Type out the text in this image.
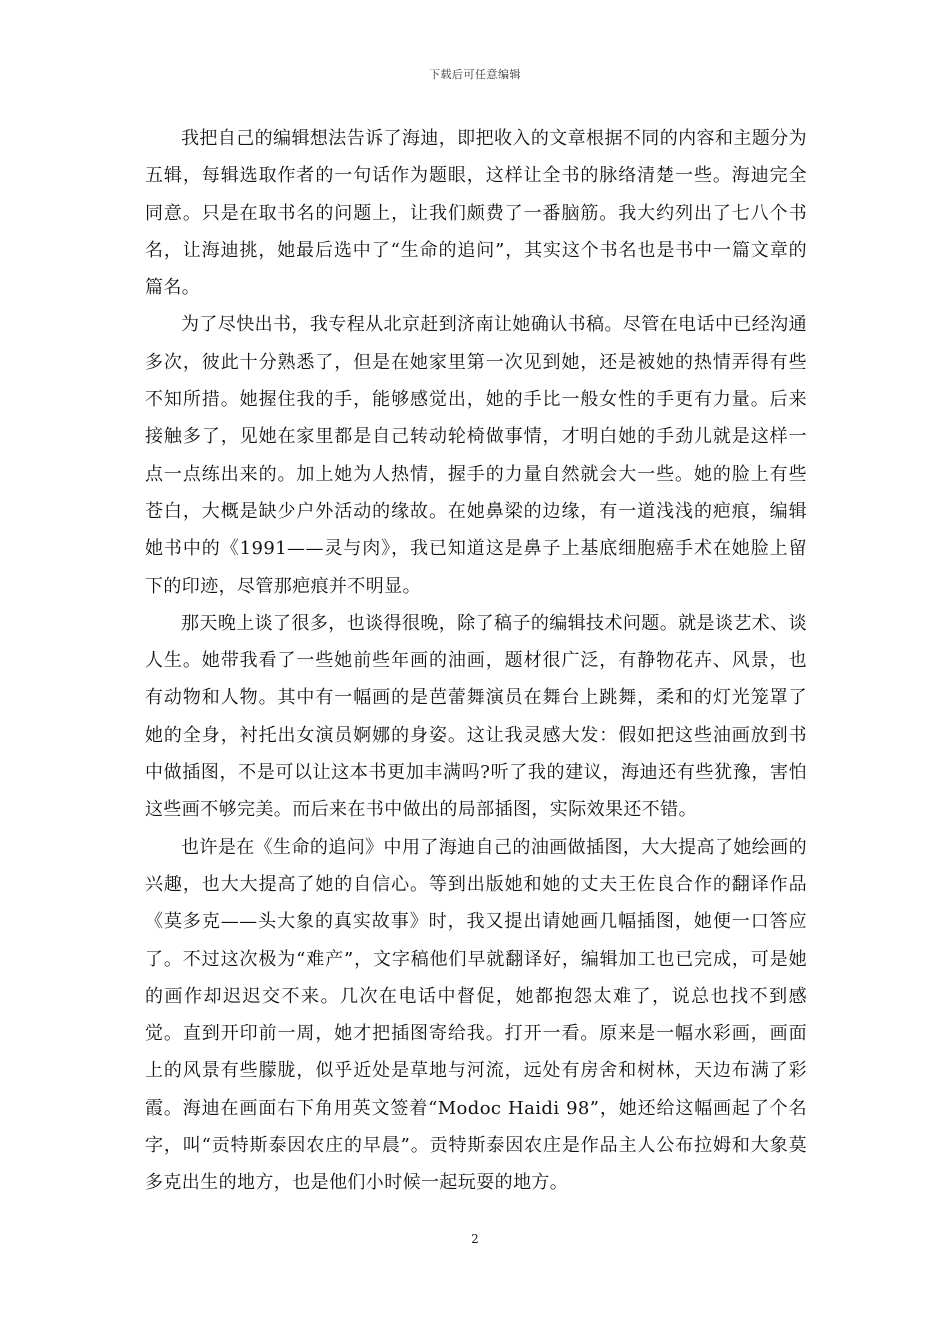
下载后可任意编辑

我把自己的编辑想法告诉了海迪，即把收入的文章根据不同的内容和主题分为五辑，每辑选取作者的一句话作为题眼，这样让全书的脉络清楚一些。海迪完全同意。只是在取书名的问题上，让我们颇费了一番脑筋。我大约列出了七八个书名，让海迪挑，她最后选中了“生命的追问”，其实这个书名也是书中一篇文章的篇名。

为了尽快出书，我专程从北京赶到济南让她确认书稿。尽管在电话中已经沟通多次，彼此十分熟悉了，但是在她家里第一次见到她，还是被她的热情弄得有些不知所措。她握住我的手，能够感觉出，她的手比一般女性的手更有力量。后来接触多了，见她在家里都是自己转动轮椅做事情，才明白她的手劲儿就是这样一点一点练出来的。加上她为人热情，握手的力量自然就会大一些。她的脸上有些苍白，大概是缺少户外活动的缘故。在她鼻梁的边缘，有一道浅浅的疤痕，编辑她书中的《1991——灵与肉》，我已知道这是鼻子上基底细胞癌手术在她脸上留下的印迹，尽管那疤痕并不明显。

那天晚上谈了很多，也谈得很晚，除了稿子的编辑技术问题。就是谈艺术、谈人生。她带我看了一些她前些年画的油画，题材很广泛，有静物花卉、风景，也有动物和人物。其中有一幅画的是芭蕾舞演员在舞台上跳舞，柔和的灯光笼罩了她的全身，衬托出女演员婀娜的身姿。这让我灵感大发：假如把这些油画放到书中做插图，不是可以让这本书更加丰满吗?听了我的建议，海迪还有些犹豫，害怕这些画不够完美。而后来在书中做出的局部插图，实际效果还不错。

也许是在《生命的追问》中用了海迪自己的油画做插图，大大提高了她绘画的兴趣，也大大提高了她的自信心。等到出版她和她的丈夫王佐良合作的翻译作品《莫多克——头大象的真实故事》时，我又提出请她画几幅插图，她便一口答应了。不过这次极为“难产”，文字稿他们早就翻译好，编辑加工也已完成，可是她的画作却迟迟交不来。几次在电话中督促，她都抱怨太难了，说总也找不到感觉。直到开印前一周，她才把插图寄给我。打开一看。原来是一幅水彩画，画面上的风景有些朦胧，似乎近处是草地与河流，远处有房舍和树林，天边布满了彩霞。海迪在画面右下角用英文签着“Modoc Haidi 98”，她还给这幅画起了个名字，叫“贡特斯泰因农庄的早晨”。贡特斯泰因农庄是作品主人公布拉姆和大象莫多克出生的地方，也是他们小时候一起玩耍的地方。

2
